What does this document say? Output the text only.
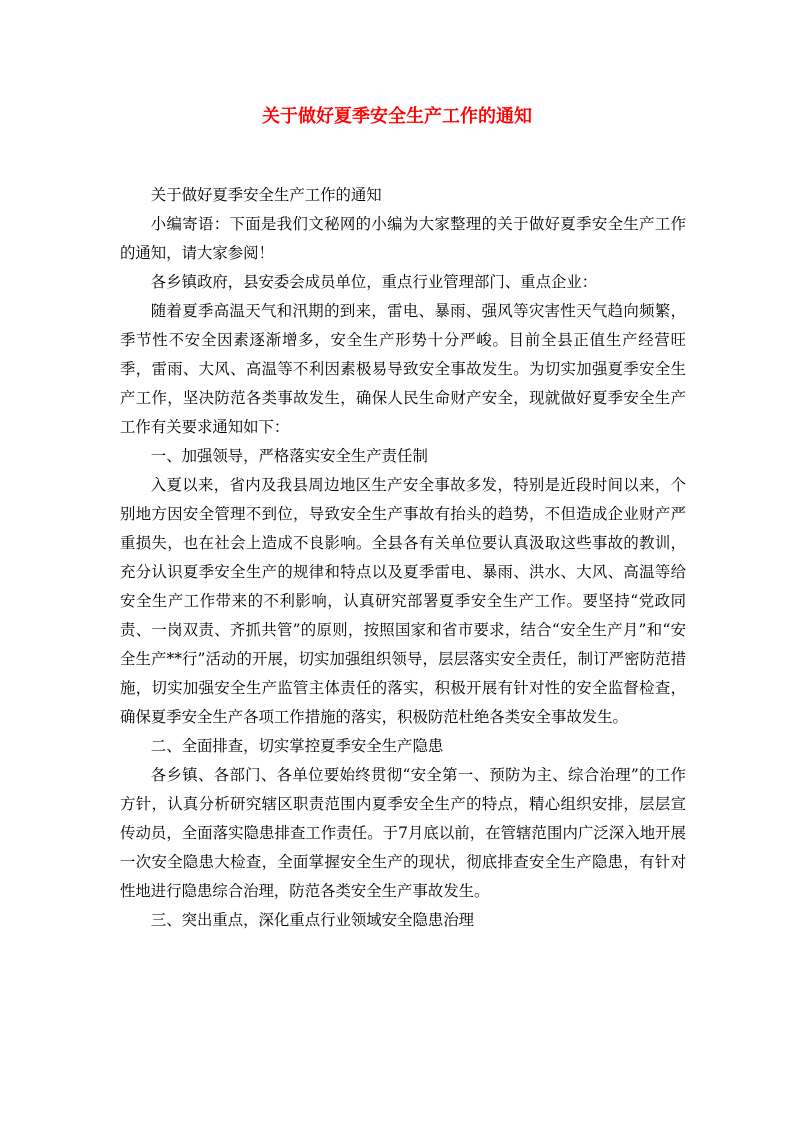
关于做好夏季安全生产工作的通知

关于做好夏季安全生产工作的通知

小编寄语：下面是我们文秘网的小编为大家整理的关于做好夏季安全生产工作的通知，请大家参阅！

各乡镇政府，县安委会成员单位，重点行业管理部门、重点企业：

随着夏季高温天气和汛期的到来，雷电、暴雨、强风等灾害性天气趋向频繁，季节性不安全因素逐渐增多，安全生产形势十分严峻。目前全县正值生产经营旺季，雷雨、大风、高温等不利因素极易导致安全事故发生。为切实加强夏季安全生产工作，坚决防范各类事故发生，确保人民生命财产安全，现就做好夏季安全生产工作有关要求通知如下：

一、加强领导，严格落实安全生产责任制

入夏以来，省内及我县周边地区生产安全事故多发，特别是近段时间以来，个别地方因安全管理不到位，导致安全生产事故有抬头的趋势，不但造成企业财产严重损失，也在社会上造成不良影响。全县各有关单位要认真汲取这些事故的教训，充分认识夏季安全生产的规律和特点以及夏季雷电、暴雨、洪水、大风、高温等给安全生产工作带来的不利影响，认真研究部署夏季安全生产工作。要坚持“党政同责、一岗双责、齐抓共管”的原则，按照国家和省市要求，结合“安全生产月”和“安全生产**行”活动的开展，切实加强组织领导，层层落实安全责任，制订严密防范措施，切实加强安全生产监管主体责任的落实，积极开展有针对性的安全监督检查，确保夏季安全生产各项工作措施的落实，积极防范杜绝各类安全事故发生。

二、全面排查，切实掌控夏季安全生产隐患

各乡镇、各部门、各单位要始终贯彻“安全第一、预防为主、综合治理”的工作方针，认真分析研究辖区职责范围内夏季安全生产的特点，精心组织安排，层层宣传动员，全面落实隐患排查工作责任。于7月底以前，在管辖范围内广泛深入地开展一次安全隐患大检查，全面掌握安全生产的现状，彻底排查安全生产隐患，有针对性地进行隐患综合治理，防范各类安全生产事故发生。

三、突出重点，深化重点行业领域安全隐患治理
